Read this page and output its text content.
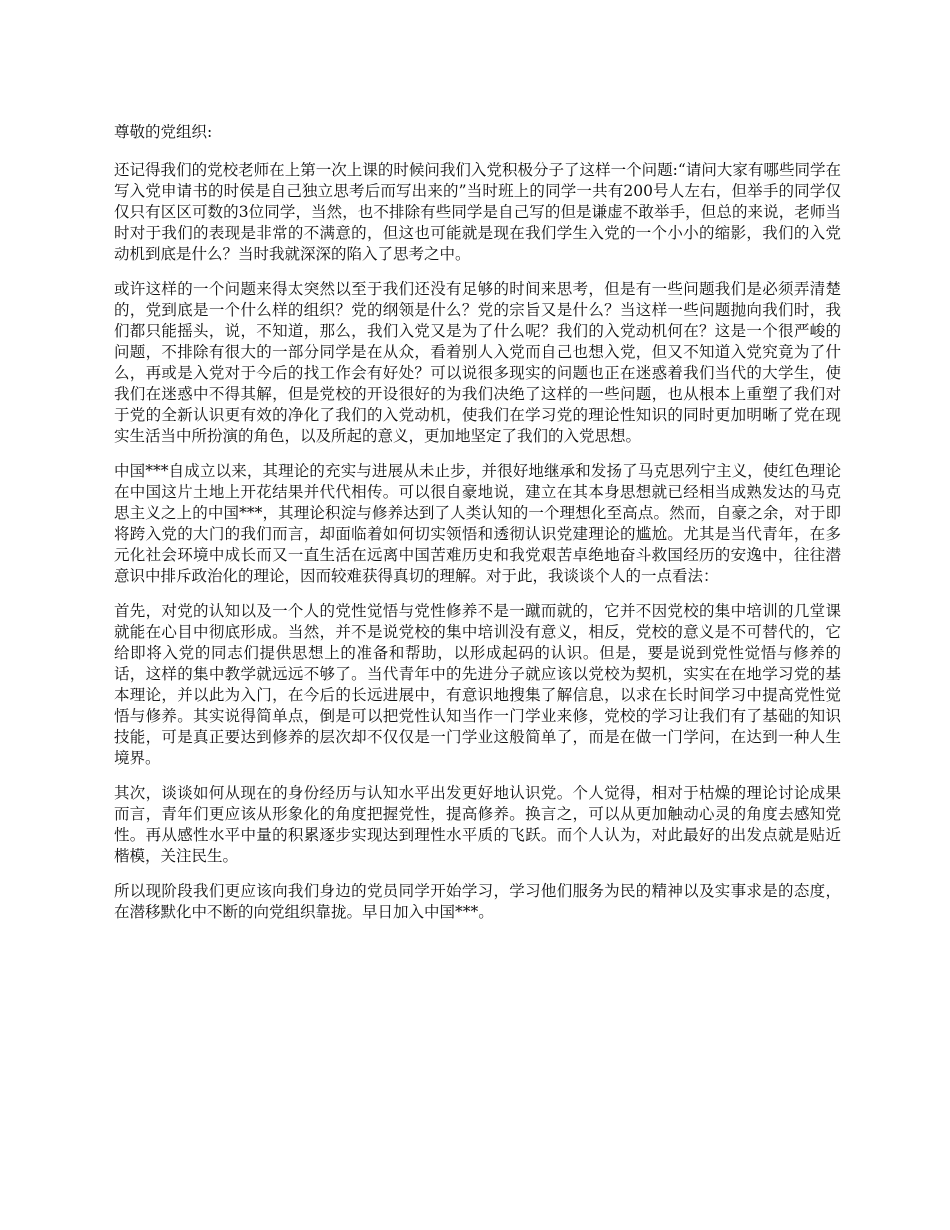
尊敬的党组织:

还记得我们的党校老师在上第一次上课的时候问我们入党积极分子了这样一个问题:“请问大家有哪些同学在写入党申请书的时侯是自己独立思考后而写出来的”当时班上的同学一共有200号人左右，但举手的同学仅仅只有区区可数的3位同学，当然，也不排除有些同学是自己写的但是谦虚不敢举手，但总的来说，老师当时对于我们的表现是非常的不满意的，但这也可能就是现在我们学生入党的一个小小的缩影，我们的入党动机到底是什么？当时我就深深的陷入了思考之中。

或许这样的一个问题来得太突然以至于我们还没有足够的时间来思考，但是有一些问题我们是必须弄清楚的，党到底是一个什么样的组织？党的纲领是什么？党的宗旨又是什么？当这样一些问题抛向我们时，我们都只能摇头，说，不知道，那么，我们入党又是为了什么呢？我们的入党动机何在？这是一个很严峻的问题，不排除有很大的一部分同学是在从众，看着别人入党而自己也想入党，但又不知道入党究竟为了什么，再或是入党对于今后的找工作会有好处？可以说很多现实的问题也正在迷惑着我们当代的大学生，使我们在迷惑中不得其解，但是党校的开设很好的为我们决绝了这样的一些问题，也从根本上重塑了我们对于党的全新认识更有效的净化了我们的入党动机，使我们在学习党的理论性知识的同时更加明晰了党在现实生活当中所扮演的角色，以及所起的意义，更加地坚定了我们的入党思想。

中国***自成立以来，其理论的充实与进展从未止步，并很好地继承和发扬了马克思列宁主义，使红色理论在中国这片土地上开花结果并代代相传。可以很自豪地说，建立在其本身思想就已经相当成熟发达的马克思主义之上的中国***，其理论积淀与修养达到了人类认知的一个理想化至高点。然而，自豪之余，对于即将跨入党的大门的我们而言，却面临着如何切实领悟和透彻认识党建理论的尴尬。尤其是当代青年，在多元化社会环境中成长而又一直生活在远离中国苦难历史和我党艰苦卓绝地奋斗救国经历的安逸中，往往潜意识中排斥政治化的理论，因而较难获得真切的理解。对于此，我谈谈个人的一点看法：

首先，对党的认知以及一个人的党性觉悟与党性修养不是一蹴而就的，它并不因党校的集中培训的几堂课就能在心目中彻底形成。当然，并不是说党校的集中培训没有意义，相反，党校的意义是不可替代的，它给即将入党的同志们提供思想上的准备和帮助，以形成起码的认识。但是，要是说到党性觉悟与修养的话，这样的集中教学就远远不够了。当代青年中的先进分子就应该以党校为契机，实实在在地学习党的基本理论，并以此为入门，在今后的长远进展中，有意识地搜集了解信息，以求在长时间学习中提高党性觉悟与修养。其实说得简单点，倒是可以把党性认知当作一门学业来修，党校的学习让我们有了基础的知识技能，可是真正要达到修养的层次却不仅仅是一门学业这般简单了，而是在做一门学问，在达到一种人生境界。

其次，谈谈如何从现在的身份经历与认知水平出发更好地认识党。个人觉得，相对于枯燥的理论讨论成果而言，青年们更应该从形象化的角度把握党性，提高修养。换言之，可以从更加触动心灵的角度去感知党性。再从感性水平中量的积累逐步实现达到理性水平质的飞跃。而个人认为，对此最好的出发点就是贴近楷模，关注民生。

所以现阶段我们更应该向我们身边的党员同学开始学习，学习他们服务为民的精神以及实事求是的态度，在潜移默化中不断的向党组织靠拢。早日加入中国***。
